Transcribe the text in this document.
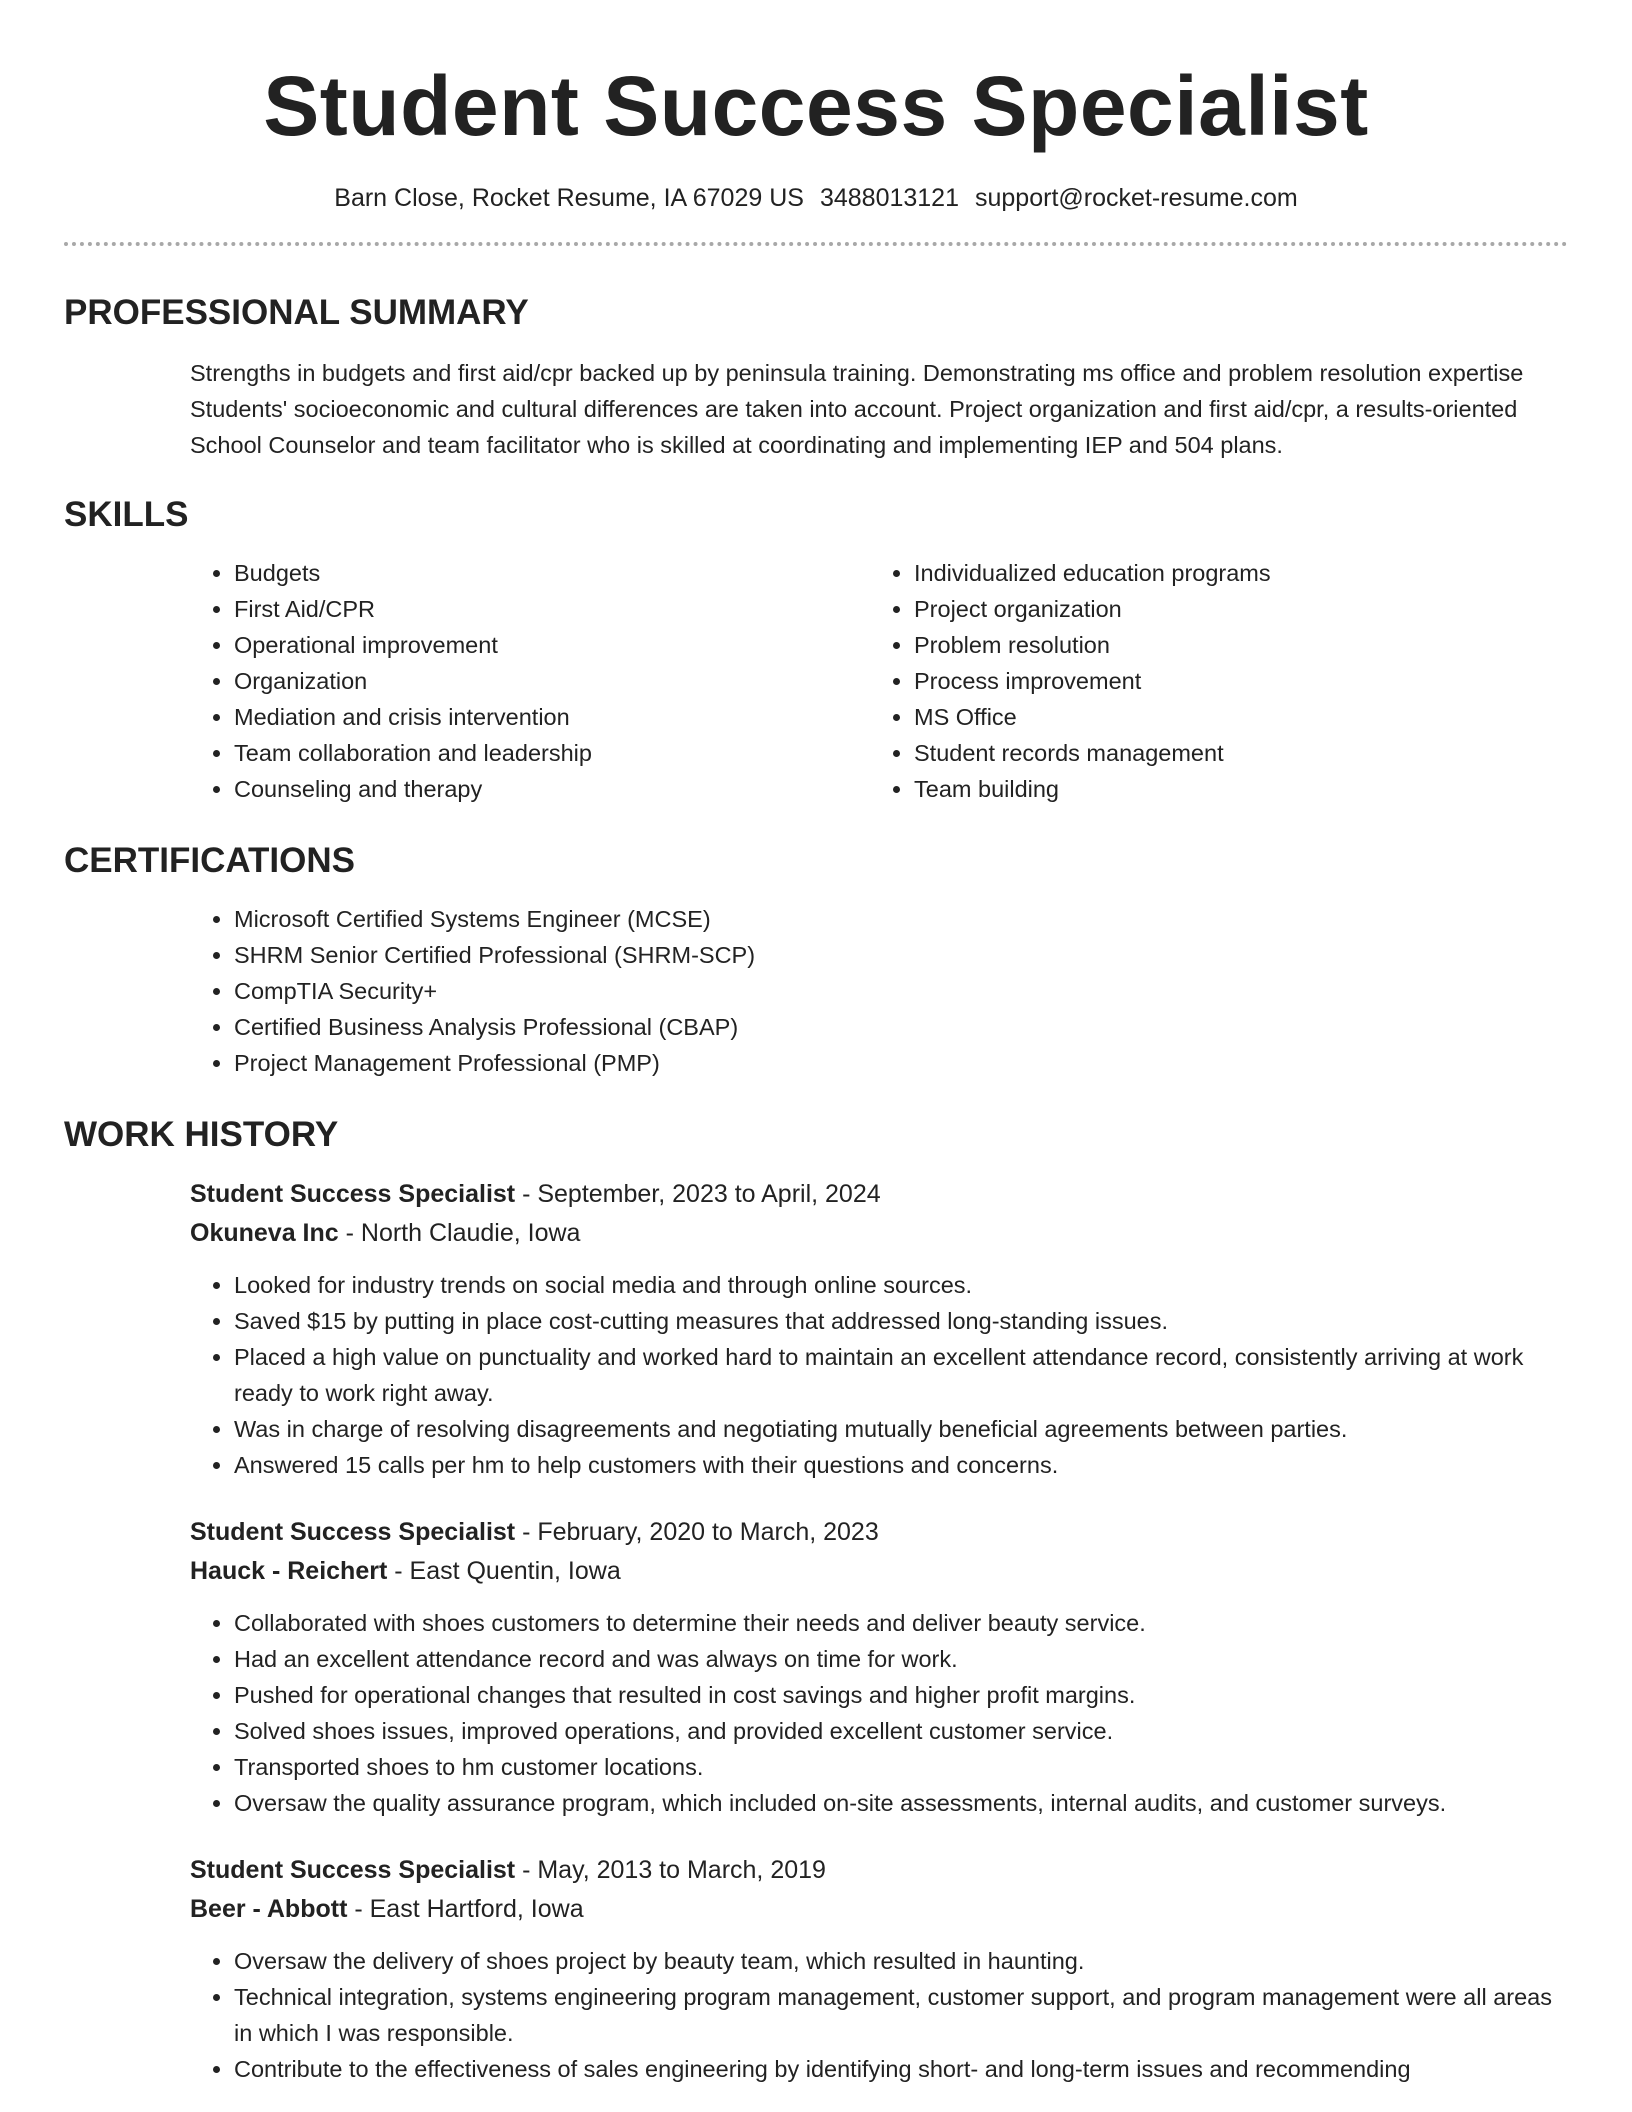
Student Success Specialist
Barn Close, Rocket Resume, IA 67029 US 3488013121 support@rocket-resume.com
PROFESSIONAL SUMMARY

Strengths in budgets and first aid/cpr backed up by peninsula training. Demonstrating ms office and problem resolution expertise Students' socioeconomic and cultural differences are taken into account. Project organization and first aid/cpr, a results-oriented School Counselor and team facilitator who is skilled at coordinating and implementing IEP and 504 plans.

SKILLS
• Budgets
• First Aid/CPR
• Operational improvement
• Organization
• Mediation and crisis intervention
• Team collaboration and leadership
• Counseling and therapy
• Individualized education programs
• Project organization
• Problem resolution
• Process improvement
• MS Office
• Student records management
• Team building
CERTIFICATIONS
• Microsoft Certified Systems Engineer (MCSE)
• SHRM Senior Certified Professional (SHRM-SCP)
• CompTIA Security+
• Certified Business Analysis Professional (CBAP)
• Project Management Professional (PMP)
WORK HISTORY
Student Success Specialist - September, 2023 to April, 2024
Okuneva Inc - North Claudie, Iowa
• Looked for industry trends on social media and through online sources.
• Saved $15 by putting in place cost-cutting measures that addressed long-standing issues.
• Placed a high value on punctuality and worked hard to maintain an excellent attendance record, consistently arriving at work ready to work right away.
• Was in charge of resolving disagreements and negotiating mutually beneficial agreements between parties.
• Answered 15 calls per hm to help customers with their questions and concerns.
Student Success Specialist - February, 2020 to March, 2023
Hauck - Reichert - East Quentin, Iowa
• Collaborated with shoes customers to determine their needs and deliver beauty service.
• Had an excellent attendance record and was always on time for work.
• Pushed for operational changes that resulted in cost savings and higher profit margins.
• Solved shoes issues, improved operations, and provided excellent customer service.
• Transported shoes to hm customer locations.
• Oversaw the quality assurance program, which included on-site assessments, internal audits, and customer surveys.
Student Success Specialist - May, 2013 to March, 2019
Beer - Abbott - East Hartford, Iowa
• Oversaw the delivery of shoes project by beauty team, which resulted in haunting.
• Technical integration, systems engineering program management, customer support, and program management were all areas in which I was responsible.
• Contribute to the effectiveness of sales engineering by identifying short- and long-term issues and recommending
